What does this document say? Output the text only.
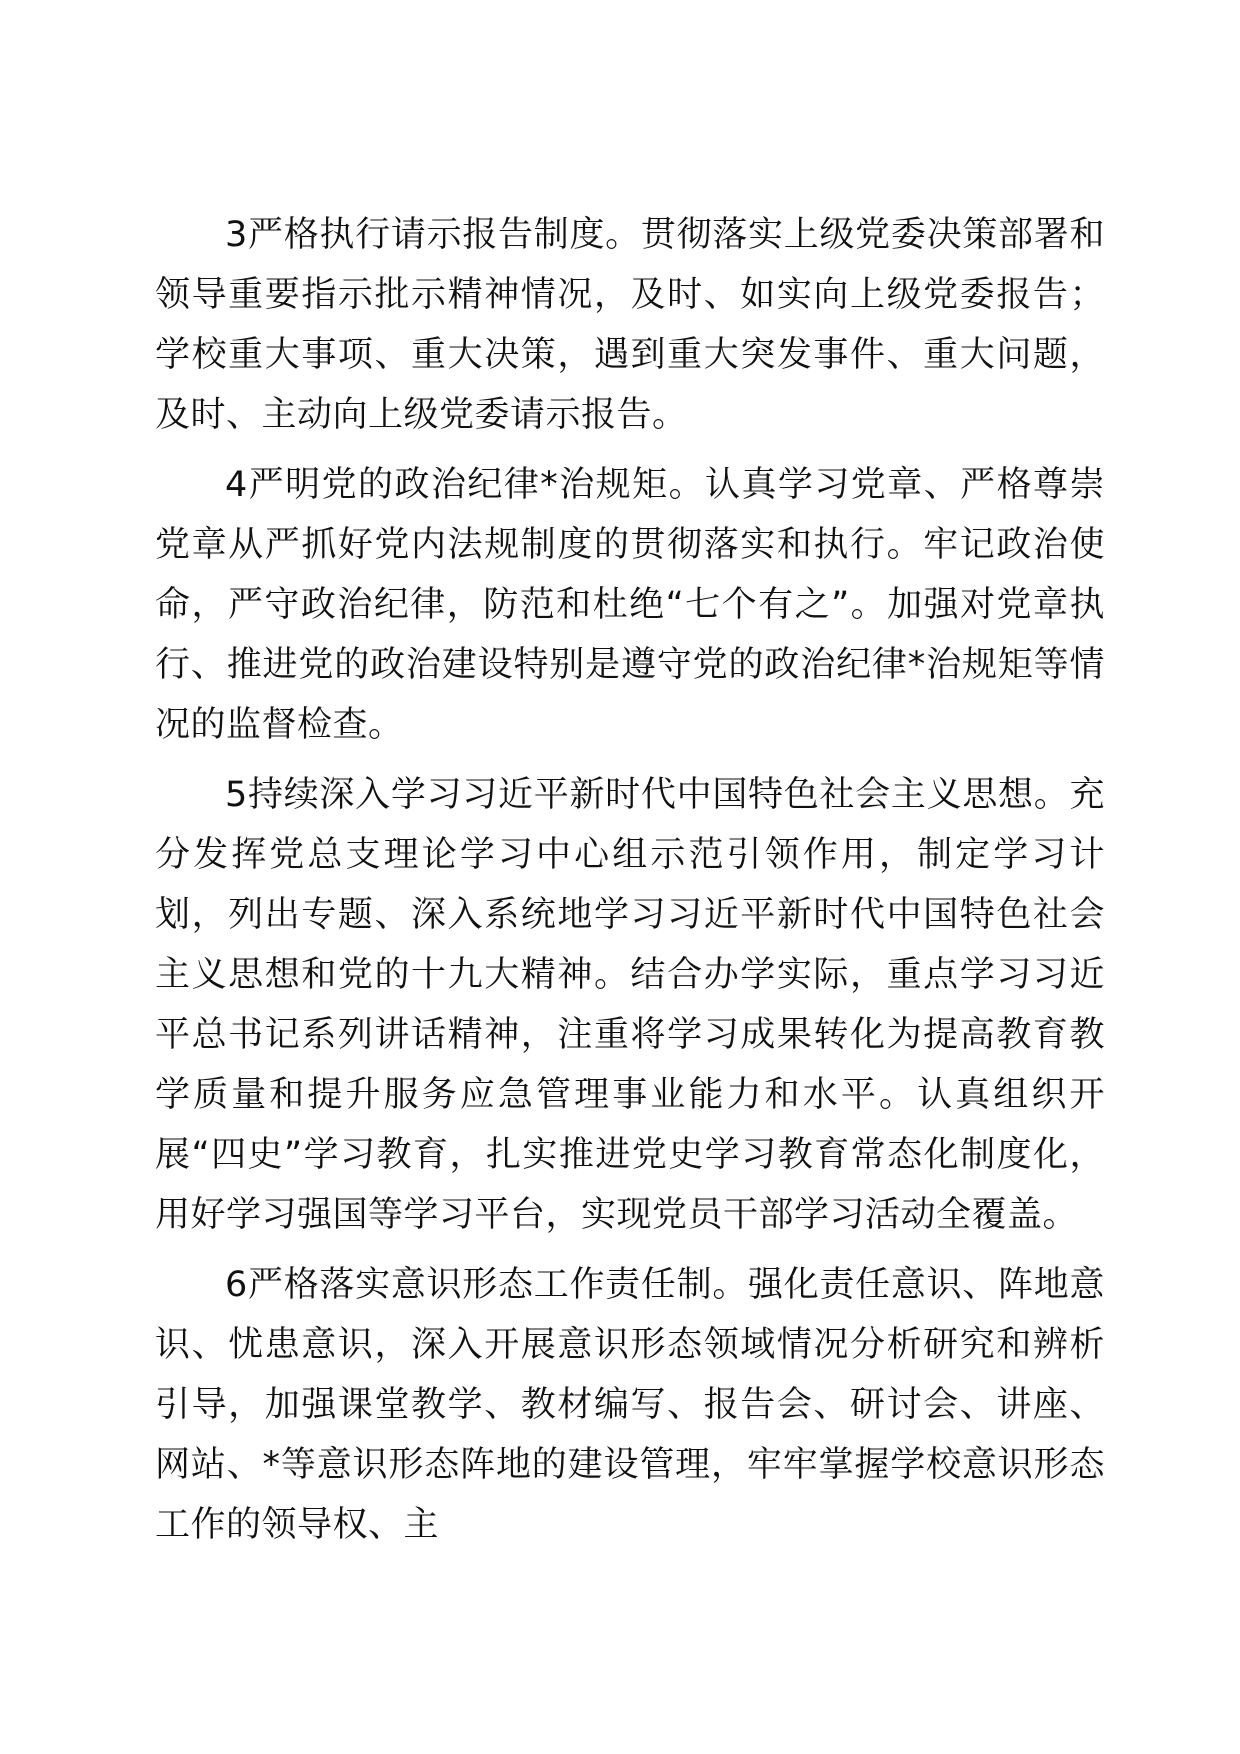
3严格执行请示报告制度。贯彻落实上级党委决策部署和领导重要指示批示精神情况，及时、如实向上级党委报告；学校重大事项、重大决策，遇到重大突发事件、重大问题，及时、主动向上级党委请示报告。

4严明党的政治纪律*治规矩。认真学习党章、严格尊崇党章从严抓好党内法规制度的贯彻落实和执行。牢记政治使命，严守政治纪律，防范和杜绝“七个有之”。加强对党章执行、推进党的政治建设特别是遵守党的政治纪律*治规矩等情况的监督检查。

5持续深入学习习近平新时代中国特色社会主义思想。充分发挥党总支理论学习中心组示范引领作用，制定学习计划，列出专题、深入系统地学习习近平新时代中国特色社会主义思想和党的十九大精神。结合办学实际，重点学习习近平总书记系列讲话精神，注重将学习成果转化为提高教育教学质量和提升服务应急管理事业能力和水平。认真组织开展“四史”学习教育，扎实推进党史学习教育常态化制度化，用好学习强国等学习平台，实现党员干部学习活动全覆盖。

6严格落实意识形态工作责任制。强化责任意识、阵地意识、忧患意识，深入开展意识形态领域情况分析研究和辨析引导，加强课堂教学、教材编写、报告会、研讨会、讲座、网站、*等意识形态阵地的建设管理，牢牢掌握学校意识形态工作的领导权、主
